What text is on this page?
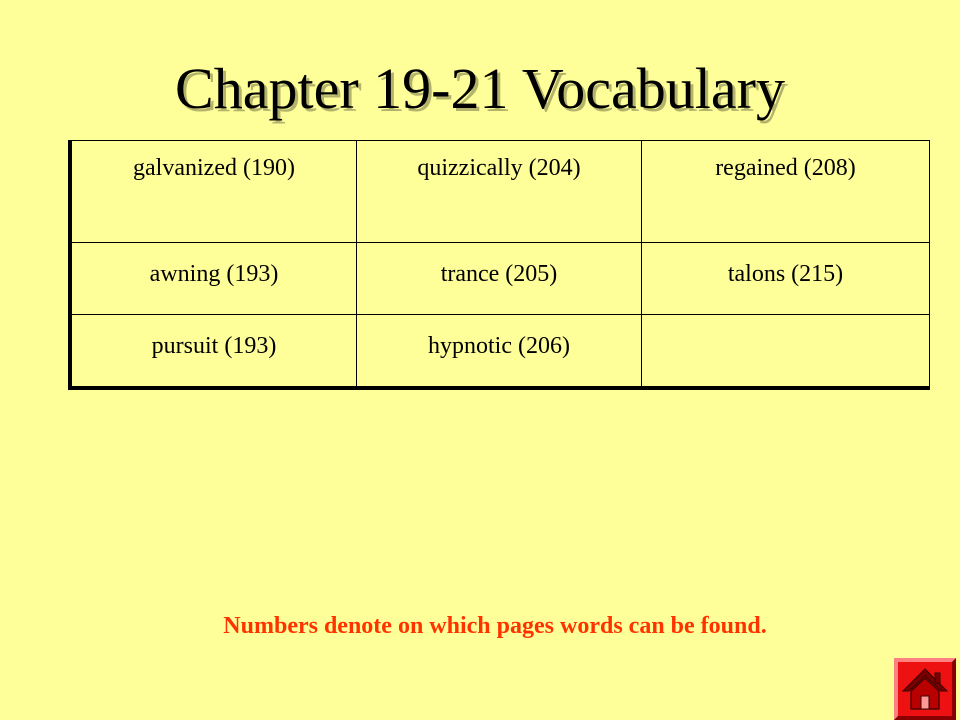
Chapter 19-21 Vocabulary
galvanized (190)	quizzically (204)	regained (208)
awning (193)	trance (205)	talons (215)
pursuit (193)	hypnotic (206)	
Numbers denote on which pages words can be found.
